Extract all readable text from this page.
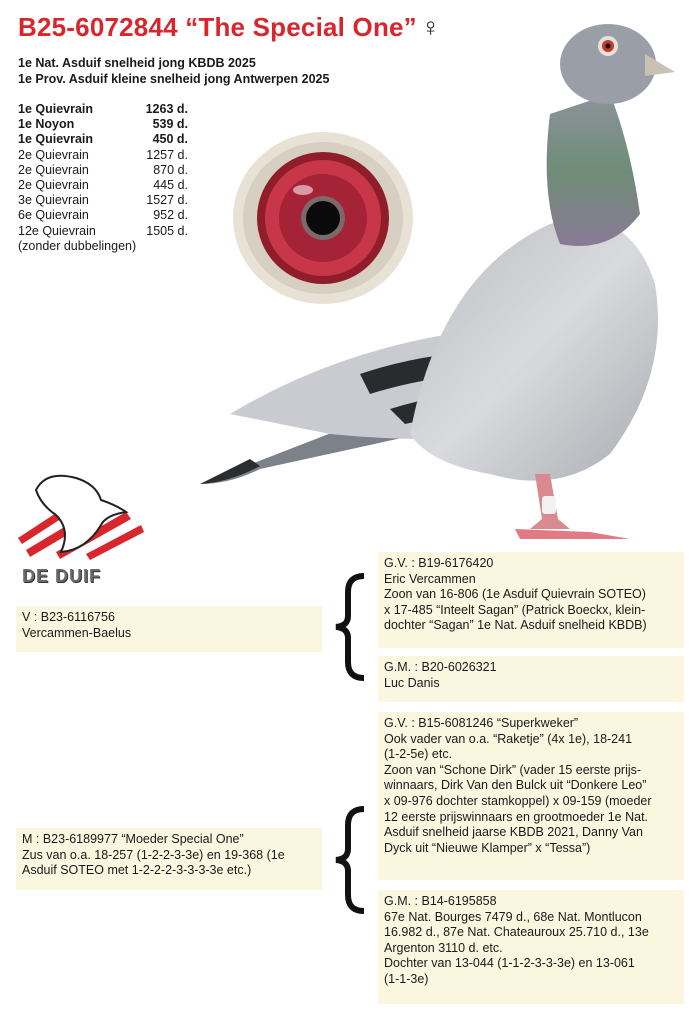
B25-6072844 “The Special One” ♀
1e Nat. Asduif snelheid jong KBDB 2025
1e Prov. Asduif kleine snelheid jong Antwerpen 2025
1e Quievrain	1263 d.
1e Noyon	539 d.
1e Quievrain	450 d.
2e Quievrain	1257 d.
2e Quievrain	870 d.
2e Quievrain	445 d.
3e Quievrain	1527 d.
6e Quievrain	952 d.
12e Quievrain	1505 d.
(zonder dubbelingen)
DE DUIF
V : B23-6116756
Vercammen-Baelus
G.V. : B19-6176420
Eric Vercammen
Zoon van 16-806 (1e Asduif Quievrain SOTEO)
x 17-485 “Inteelt Sagan” (Patrick Boeckx, klein-
dochter “Sagan” 1e Nat. Asduif snelheid KBDB)
G.M. : B20-6026321
Luc Danis
M : B23-6189977 “Moeder Special One”
Zus van o.a. 18-257 (1-2-2-3-3e) en 19-368 (1e
Asduif SOTEO met 1-2-2-2-3-3-3-3e etc.)
G.V. : B15-6081246 “Superkweker”
Ook vader van o.a. “Raketje” (4x 1e), 18-241
(1-2-5e) etc.
Zoon van “Schone Dirk” (vader 15 eerste prijs-
winnaars, Dirk Van den Bulck uit “Donkere Leo”
x 09-976 dochter stamkoppel) x 09-159 (moeder
12 eerste prijswinnaars en grootmoeder 1e Nat.
Asduif snelheid jaarse KBDB 2021, Danny Van
Dyck uit “Nieuwe Klamper” x “Tessa”)
G.M. : B14-6195858
67e Nat. Bourges 7479 d., 68e Nat. Montlucon
16.982 d., 87e Nat. Chateauroux 25.710 d., 13e
Argenton 3110 d. etc.
Dochter van 13-044 (1-1-2-3-3-3e) en 13-061
(1-1-3e)
